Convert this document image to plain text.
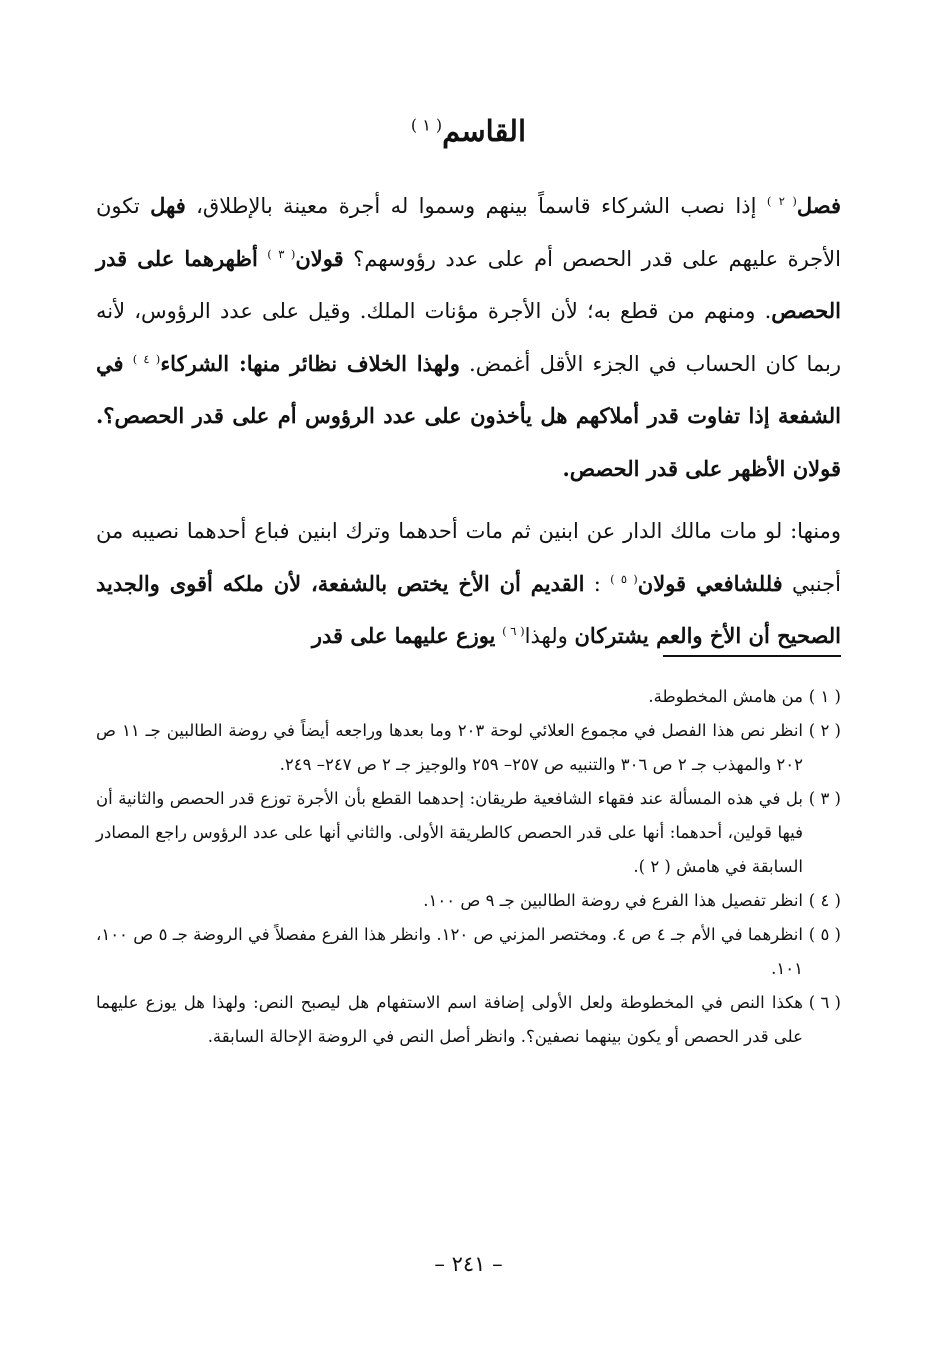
القاسم$^{( ١ )}$

فصل$^{( ٢ )}$ إذا نصب الشركاء قاسماً بينهم وسموا له أجرة معينة بالإطلاق، فهل تكون الأجرة عليهم على قدر الحصص أم على عدد رؤوسهم؟ قولان$^{( ٣ )}$ أظهرهما على قدر الحصص. ومنهم من قطع به؛ لأن الأجرة مؤنات الملك. وقيل على عدد الرؤوس، لأنه ربما كان الحساب في الجزء الأقل أغمض. ولهذا الخلاف نظائر منها: الشركاء$^{( ٤ )}$ في الشفعة إذا تفاوت قدر أملاكهم هل يأخذون على عدد الرؤوس أم على قدر الحصص؟. قولان الأظهر على قدر الحصص.

ومنها: لو مات مالك الدار عن ابنين ثم مات أحدهما وترك ابنين فباع أحدهما نصيبه من أجنبي فللشافعي قولان$^{( ٥ )}$ : القديم أن الأخ يختص بالشفعة، لأن ملكه أقوى والجديد الصحيح أن الأخ والعم يشتركان ولهذا$^{( ٦ )}$ يوزع عليهما على قدر

( ١ )
من هامش المخطوطة.
( ٢ )
انظر نص هذا الفصل في مجموع العلائي لوحة ٢٠٣ وما بعدها وراجعه أيضاً في روضة الطالبين جـ ١١ ص ٢٠٢ والمهذب جـ ٢ ص ٣٠٦ والتنبيه ص ٢٥٧– ٢٥٩ والوجيز جـ ٢ ص ٢٤٧– ٢٤٩.
( ٣ )
بل في هذه المسألة عند فقهاء الشافعية طريقان: إحدهما القطع بأن الأجرة توزع قدر الحصص والثانية أن فيها قولين، أحدهما: أنها على قدر الحصص كالطريقة الأولى. والثاني أنها على عدد الرؤوس راجع المصادر السابقة في هامش ( ٢ ).
( ٤ )
انظر تفصيل هذا الفرع في روضة الطالبين جـ ٩ ص ١٠٠.
( ٥ )
انظرهما في الأم جـ ٤ ص ٤. ومختصر المزني ص ١٢٠. وانظر هذا الفرع مفصلاً في الروضة جـ ٥ ص ١٠٠، ١٠١.
( ٦ )
هكذا النص في المخطوطة ولعل الأولى إضافة اسم الاستفهام هل ليصبح النص: ولهذا هل يوزع عليهما على قدر الحصص أو يكون بينهما نصفين؟. وانظر أصل النص في الروضة الإحالة السابقة.
– ٢٤١ –
